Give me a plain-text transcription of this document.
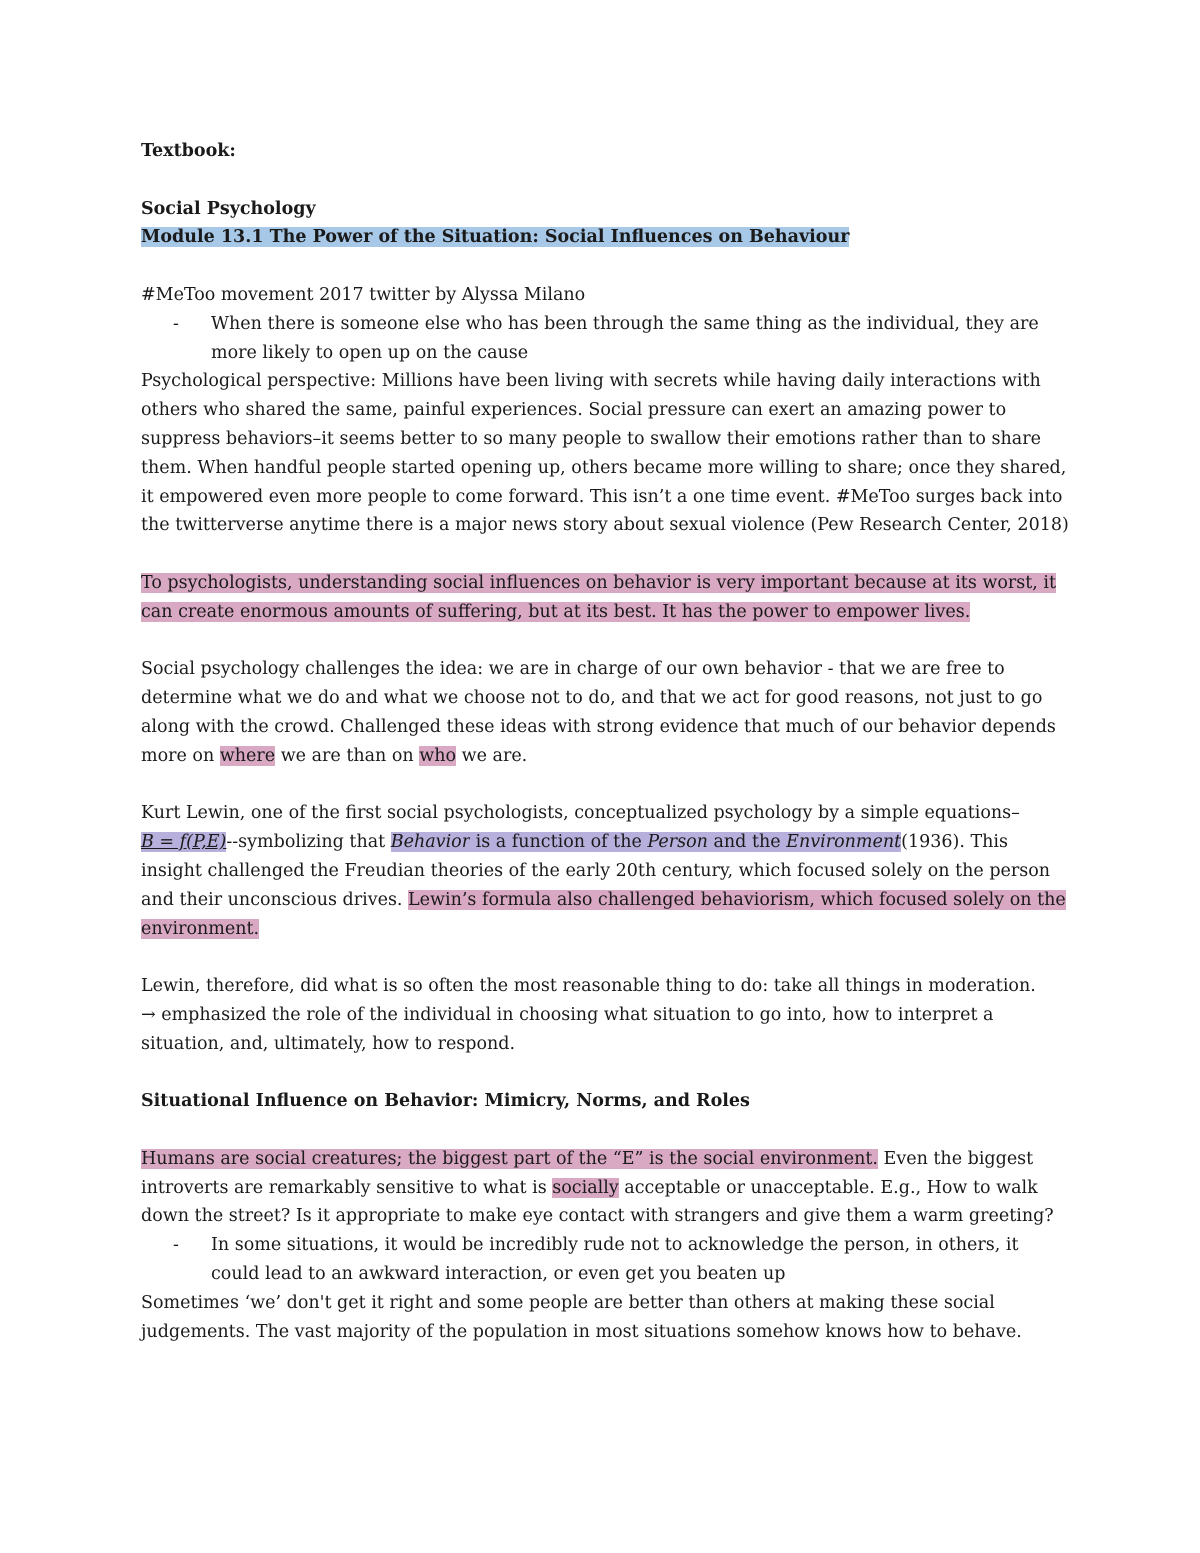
Textbook:

Social Psychology

Module 13.1 The Power of the Situation: Social Influences on Behaviour

#MeToo movement 2017 twitter by Alyssa Milano

-	When there is someone else who has been through the same thing as the individual, they are more likely to open up on the cause

Psychological perspective: Millions have been living with secrets while having daily interactions with others who shared the same, painful experiences. Social pressure can exert an amazing power to suppress behaviors–it seems better to so many people to swallow their emotions rather than to share them. When handful people started opening up, others became more willing to share; once they shared, it empowered even more people to come forward. This isn’t a one time event. #MeToo surges back into the twitterverse anytime there is a major news story about sexual violence (Pew Research Center, 2018)

To psychologists, understanding social influences on behavior is very important because at its worst, it can create enormous amounts of suffering, but at its best. It has the power to empower lives.

Social psychology challenges the idea: we are in charge of our own behavior - that we are free to determine what we do and what we choose not to do, and that we act for good reasons, not just to go along with the crowd. Challenged these ideas with strong evidence that much of our behavior depends more on where we are than on who we are.

Kurt Lewin, one of the first social psychologists, conceptualized psychology by a simple equations–
B = f(P,E)--symbolizing that Behavior is a function of the Person and the Environment(1936). This insight challenged the Freudian theories of the early 20th century, which focused solely on the person and their unconscious drives. Lewin’s formula also challenged behaviorism, which focused solely on the environment.

Lewin, therefore, did what is so often the most reasonable thing to do: take all things in moderation.

→ emphasized the role of the individual in choosing what situation to go into, how to interpret a situation, and, ultimately, how to respond.

Situational Influence on Behavior: Mimicry, Norms, and Roles

Humans are social creatures; the biggest part of the “E” is the social environment. Even the biggest introverts are remarkably sensitive to what is socially acceptable or unacceptable. E.g., How to walk down the street? Is it appropriate to make eye contact with strangers and give them a warm greeting?

-	In some situations, it would be incredibly rude not to acknowledge the person, in others, it could lead to an awkward interaction, or even get you beaten up

Sometimes ‘we’ don't get it right and some people are better than others at making these social judgements. The vast majority of the population in most situations somehow knows how to behave.
